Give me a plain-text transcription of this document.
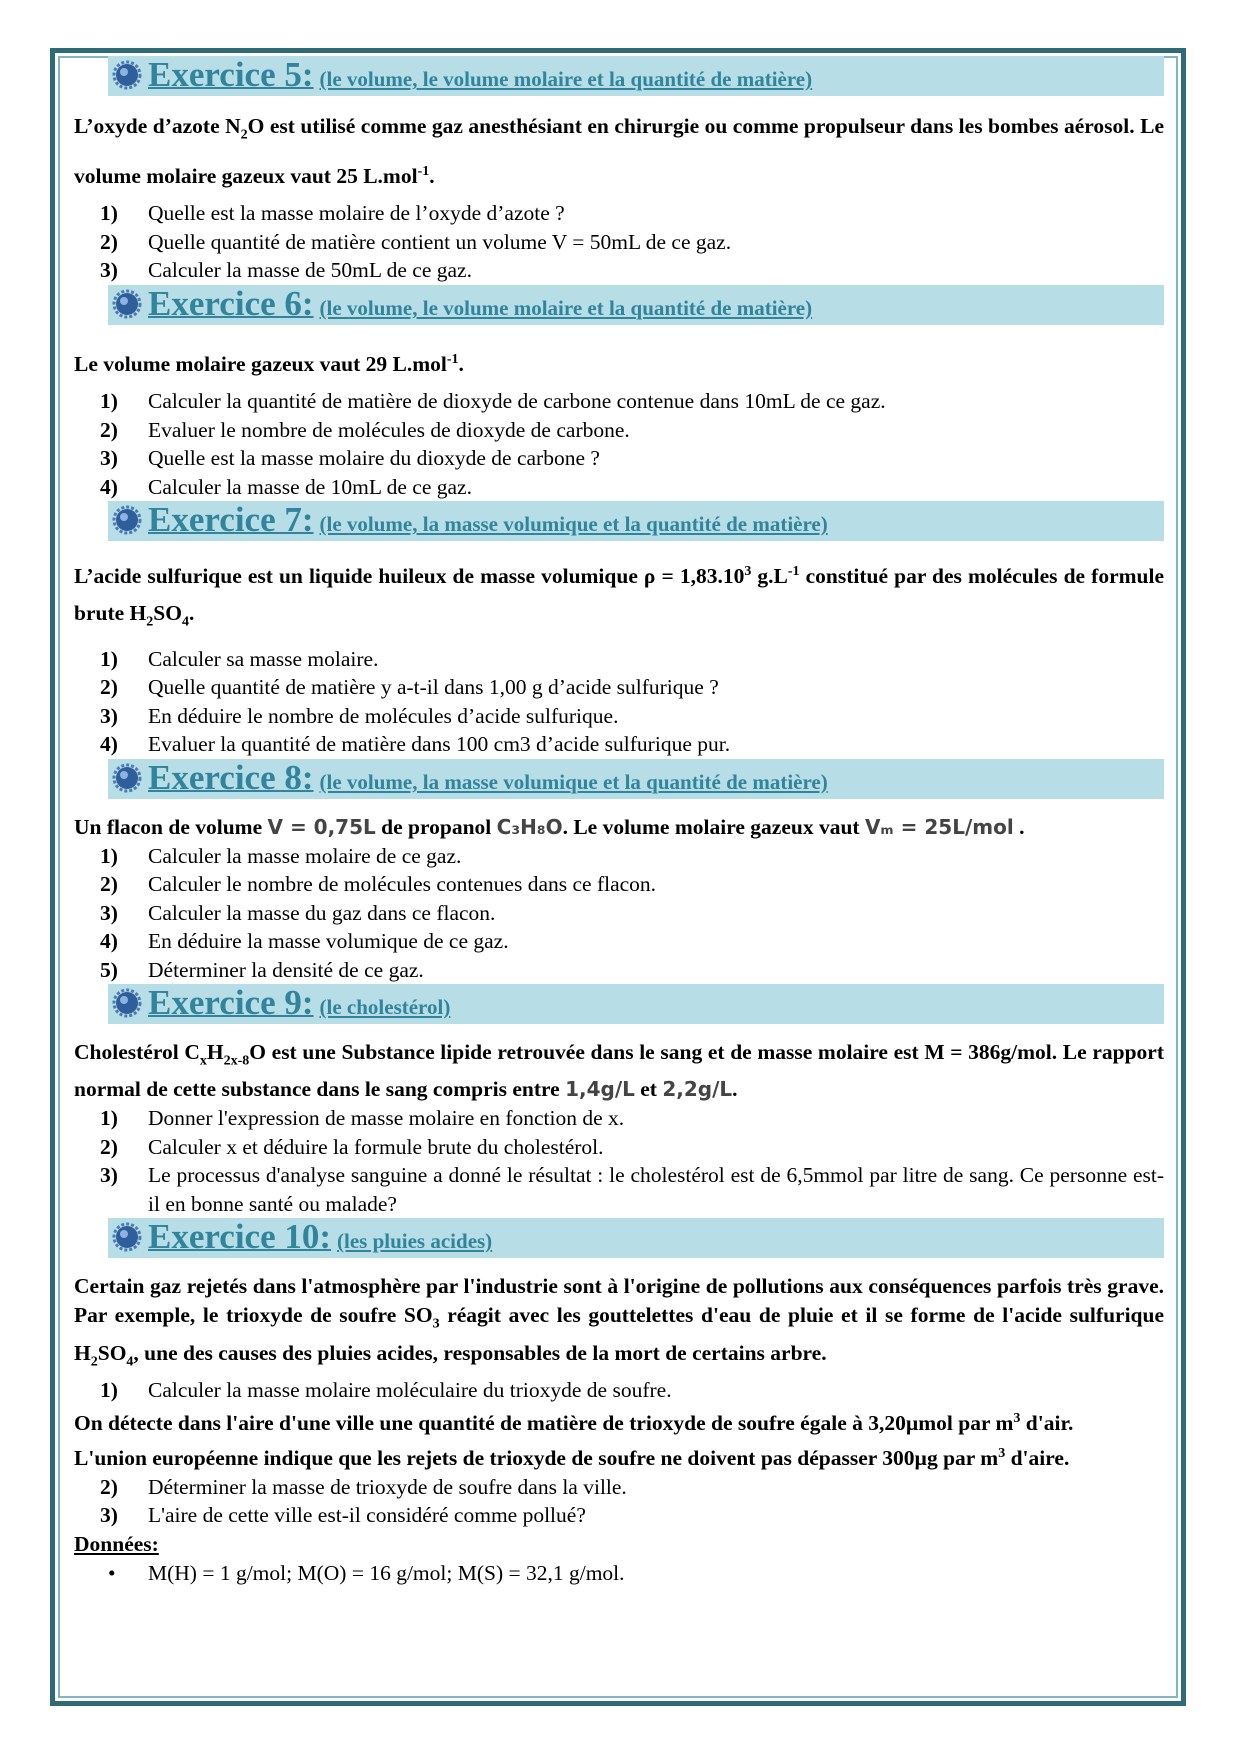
Exercice 5: (le volume, le volume molaire et la quantité de matière)

L’oxyde d’azote $N_2O$ est utilisé comme gaz anesthésiant en chirurgie ou comme propulseur dans les bombes aérosol. Le volume molaire gazeux vaut 25 L.mol$^{-1}$.

1)	Quelle est la masse molaire de l’oxyde d’azote ?
2)	Quelle quantité de matière contient un volume V = 50mL de ce gaz.
3)	Calculer la masse de 50mL de ce gaz.
Exercice 6: (le volume, le volume molaire et la quantité de matière)

Le volume molaire gazeux vaut 29 L.mol$^{-1}$.

1)	Calculer la quantité de matière de dioxyde de carbone contenue dans 10mL de ce gaz.
2)	Evaluer le nombre de molécules de dioxyde de carbone.
3)	Quelle est la masse molaire du dioxyde de carbone ?
4)	Calculer la masse de 10mL de ce gaz.
Exercice 7: (le volume, la masse volumique et la quantité de matière)

L’acide sulfurique est un liquide huileux de masse volumique $\rho = 1,83.10^3$ $g.L^{-1}$ constitué par des molécules de formule brute $H_2SO_4$.

1)	Calculer sa masse molaire.
2)	Quelle quantité de matière y a-t-il dans 1,00 g d’acide sulfurique ?
3)	En déduire le nombre de molécules d’acide sulfurique.
4)	Evaluer la quantité de matière dans 100 cm3 d’acide sulfurique pur.
Exercice 8: (le volume, la masse volumique et la quantité de matière)

Un flacon de volume V = 0,75L de propanol C₃H₈O. Le volume molaire gazeux vaut Vₘ = 25L/mol .

1)	Calculer la masse molaire de ce gaz.
2)	Calculer le nombre de molécules contenues dans ce flacon.
3)	Calculer la masse du gaz dans ce flacon.
4)	En déduire la masse volumique de ce gaz.
5)	Déterminer la densité de ce gaz.
Exercice 9: (le cholestérol)

Cholestérol $C_xH_{2x-8}O$ est une Substance lipide retrouvée dans le sang et de masse molaire est M = 386g/mol. Le rapport normal de cette substance dans le sang compris entre 1,4g/L et 2,2g/L.

1)	Donner l'expression de masse molaire en fonction de x.
2)	Calculer x et déduire la formule brute du cholestérol.
3)	Le processus d'analyse sanguine a donné le résultat : le cholestérol est de 6,5mmol par litre de sang. Ce personne est-il en bonne santé ou malade?
Exercice 10: (les pluies acides)

Certain gaz rejetés dans l'atmosphère par l'industrie sont à l'origine de pollutions aux conséquences parfois très grave. Par exemple, le trioxyde de soufre $SO_3$ réagit avec les gouttelettes d'eau de pluie et il se forme de l'acide sulfurique $H_2SO_4$, une des causes des pluies acides, responsables de la mort de certains arbre.

1)	Calculer la masse molaire moléculaire du trioxyde de soufre.

On détecte dans l'aire d'une ville une quantité de matière de trioxyde de soufre égale à 3,20µmol par $m^3$ d'air.

L'union européenne indique que les rejets de trioxyde de soufre ne doivent pas dépasser 300µg par $m^3$ d'aire.

2)	Déterminer la masse de trioxyde de soufre dans la ville.
3)	L'aire de cette ville est-il considéré comme pollué?
Données:
•	M(H) = 1 g/mol; M(O) = 16 g/mol; M(S) = 32,1 g/mol.
